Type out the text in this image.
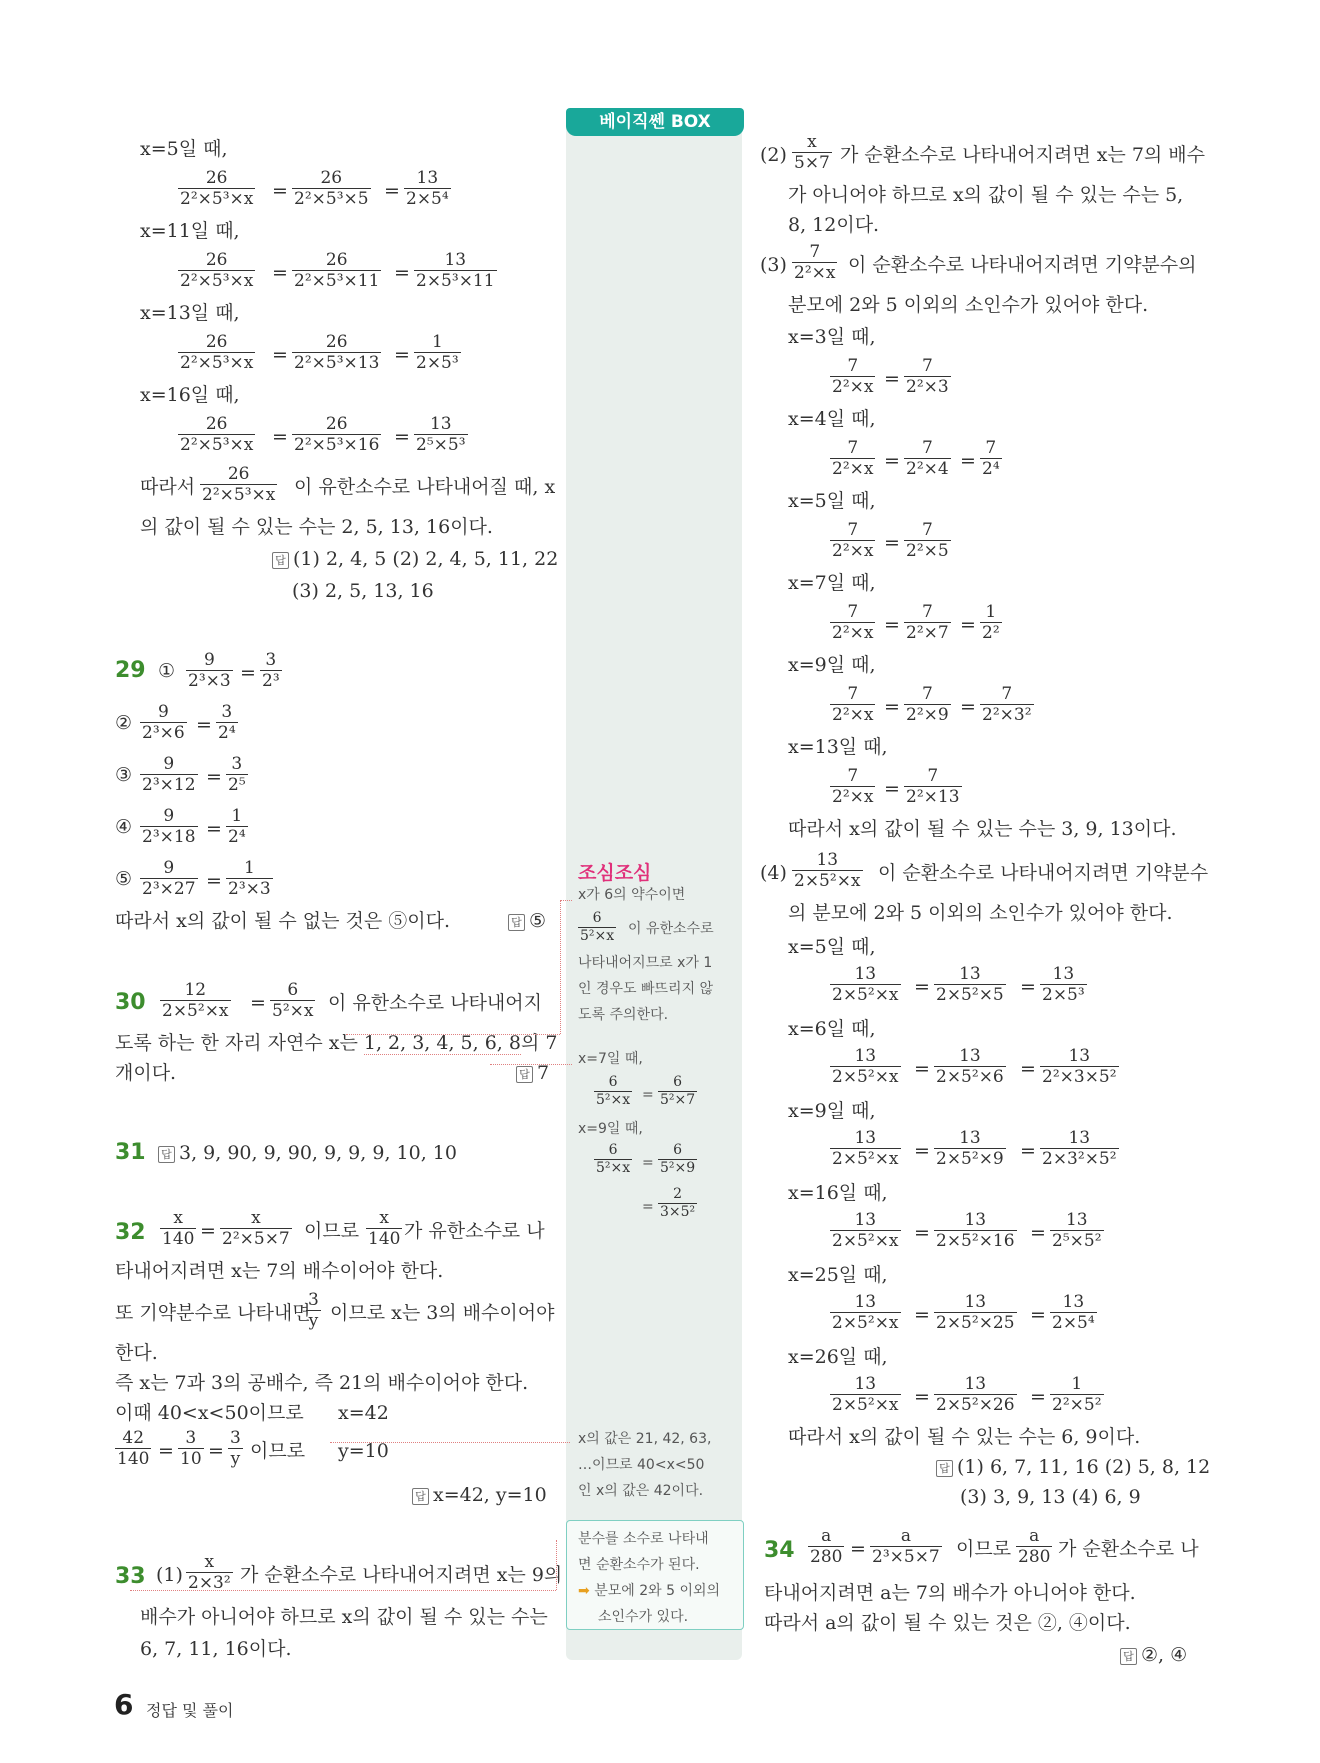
베이직쎈 BOX
x=5일 때,
$\frac{26}{\text{2²×5³×x}} = \frac{26}{\text{2²×5³×5}} = \frac{13}{\text{2×5⁴}}$
x=11일 때,
$\frac{26}{\text{2²×5³×x}} = \frac{26}{\text{2²×5³×11}} = \frac{13}{\text{2×5³×11}}$
x=13일 때,
$\frac{26}{\text{2²×5³×x}} = \frac{26}{\text{2²×5³×13}} = \frac{1}{\text{2×5³}}$
x=16일 때,
$\frac{26}{\text{2²×5³×x}} = \frac{26}{\text{2²×5³×16}} = \frac{13}{\text{2⁵×5³}}$
따라서 $\frac{26}{\text{2²×5³×x}}$ 이 유한소수로 나타내어질 때, x
의 값이 될 수 있는 수는 2, 5, 13, 16이다.
답 (1) 2, 4, 5 (2) 2, 4, 5, 11, 22
(3) 2, 5, 13, 16
29 ① $\frac{9}{\text{2³×3}} = \frac{3}{\text{2³}}$
② $\frac{9}{\text{2³×6}} = \frac{3}{\text{2⁴}}$
③ $\frac{9}{\text{2³×12}} = \frac{3}{\text{2⁵}}$
④ $\frac{9}{\text{2³×18}} = \frac{1}{\text{2⁴}}$
⑤ $\frac{9}{\text{2³×27}} = \frac{1}{\text{2³×3}}$
따라서 x의 값이 될 수 없는 것은 ⑤이다.	답 ⑤
$30 \frac{12}{\text{2×5²×x}} = \frac{6}{\text{5²×x}}$ 이 유한소수로 나타내어지
도록 하는 한 자리 자연수 x는 1, 2, 3, 4, 5, 6, 8의 7
개이다.	답 7
31 답 3, 9, 90, 9, 90, 9, 9, 9, 10, 10
$32 \frac{x}{140} = \frac{x}{\text{2²×5×7}}$ 이므로 $\frac{x}{140}$ 가 유한소수로 나
타내어지려면 x는 7의 배수이어야 한다.
또 기약분수로 나타내면
$\frac{3}{y}$ 이므로 x는 3의 배수이어야
한다.
즉 x는 7과 3의 공배수, 즉 21의 배수이어야 한다.
이때 40<x<50이므로 x=42
$\frac{42}{140} = \frac{3}{10} = \frac{3}{y}$ 이므로 y=10
답 x=42, y=10
33 $(1) \frac{x}{\text{2×3²}}$ 가 순환소수로 나타내어지려면 x는 9의
배수가 아니어야 하므로 x의 값이 될 수 있는 수는
6, 7, 11, 16이다.
조심조심
x가 6의 약수이면
$\frac{6}{\text{5²×x}}$ 이 유한소수로
나타내어지므로 x가 1
인 경우도 빠뜨리지 않
도록 주의한다.
x=7일 때,
$\frac{6}{\text{5²×x}} = \frac{6}{\text{5²×7}}$
x=9일 때,
$\frac{6}{\text{5²×x}} = \frac{6}{\text{5²×9}}$
= $\frac{2}{\text{3×5²}}$
x의 값은 21, 42, 63,
…이므로 40<x<50
인 x의 값은 42이다.
분수를 소수로 나타내
면 순환소수가 된다.
➡ 분모에 2와 5 이외의
소인수가 있다.
$(2) \frac{x}{5\times 7}$ 가 순환소수로 나타내어지려면 x는 7의 배수
가 아니어야 하므로 x의 값이 될 수 있는 수는 5,
8, 12이다.
$(3) \frac{7}{\text{2²×x}}$ 이 순환소수로 나타내어지려면 기약분수의
분모에 2와 5 이외의 소인수가 있어야 한다.
x=3일 때,
$\frac{7}{\text{2²×x}} = \frac{7}{\text{2²×3}}$
x=4일 때,
$\frac{7}{\text{2²×x}} = \frac{7}{\text{2²×4}} = \frac{7}{\text{2⁴}}$
x=5일 때,
$\frac{7}{\text{2²×x}} = \frac{7}{\text{2²×5}}$
x=7일 때,
$\frac{7}{\text{2²×x}} = \frac{7}{\text{2²×7}} = \frac{1}{\text{2²}}$
x=9일 때,
$\frac{7}{\text{2²×x}} = \frac{7}{\text{2²×9}} = \frac{7}{\text{2²×3²}}$
x=13일 때,
$\frac{7}{\text{2²×x}} = \frac{7}{\text{2²×13}}$
따라서 x의 값이 될 수 있는 수는 3, 9, 13이다.
$(4) \frac{13}{\text{2×5²×x}}$ 이 순환소수로 나타내어지려면 기약분수
의 분모에 2와 5 이외의 소인수가 있어야 한다.
x=5일 때,
$\frac{13}{\text{2×5²×x}} = \frac{13}{\text{2×5²×5}} = \frac{13}{\text{2×5³}}$
x=6일 때,
$\frac{13}{\text{2×5²×x}} = \frac{13}{\text{2×5²×6}} = \frac{13}{\text{2²×3×5²}}$
x=9일 때,
$\frac{13}{\text{2×5²×x}} = \frac{13}{\text{2×5²×9}} = \frac{13}{\text{2×3²×5²}}$
x=16일 때,
$\frac{13}{\text{2×5²×x}} = \frac{13}{\text{2×5²×16}} = \frac{13}{\text{2⁵×5²}}$
x=25일 때,
$\frac{13}{\text{2×5²×x}} = \frac{13}{\text{2×5²×25}} = \frac{13}{\text{2×5⁴}}$
x=26일 때,
$\frac{13}{\text{2×5²×x}} = \frac{13}{\text{2×5²×26}} = \frac{1}{\text{2²×5²}}$
따라서 x의 값이 될 수 있는 수는 6, 9이다.
답 (1) 6, 7, 11, 16 (2) 5, 8, 12
(3) 3, 9, 13 (4) 6, 9
$34 \frac{a}{280} = \frac{a}{\text{2³×5×7}}$ 이므로 $\frac{a}{280}$ 가 순환소수로 나
타내어지려면 a는 7의 배수가 아니어야 한다.
따라서 a의 값이 될 수 있는 것은 ②, ④이다.
답 ②, ④
6 정답 및 풀이
